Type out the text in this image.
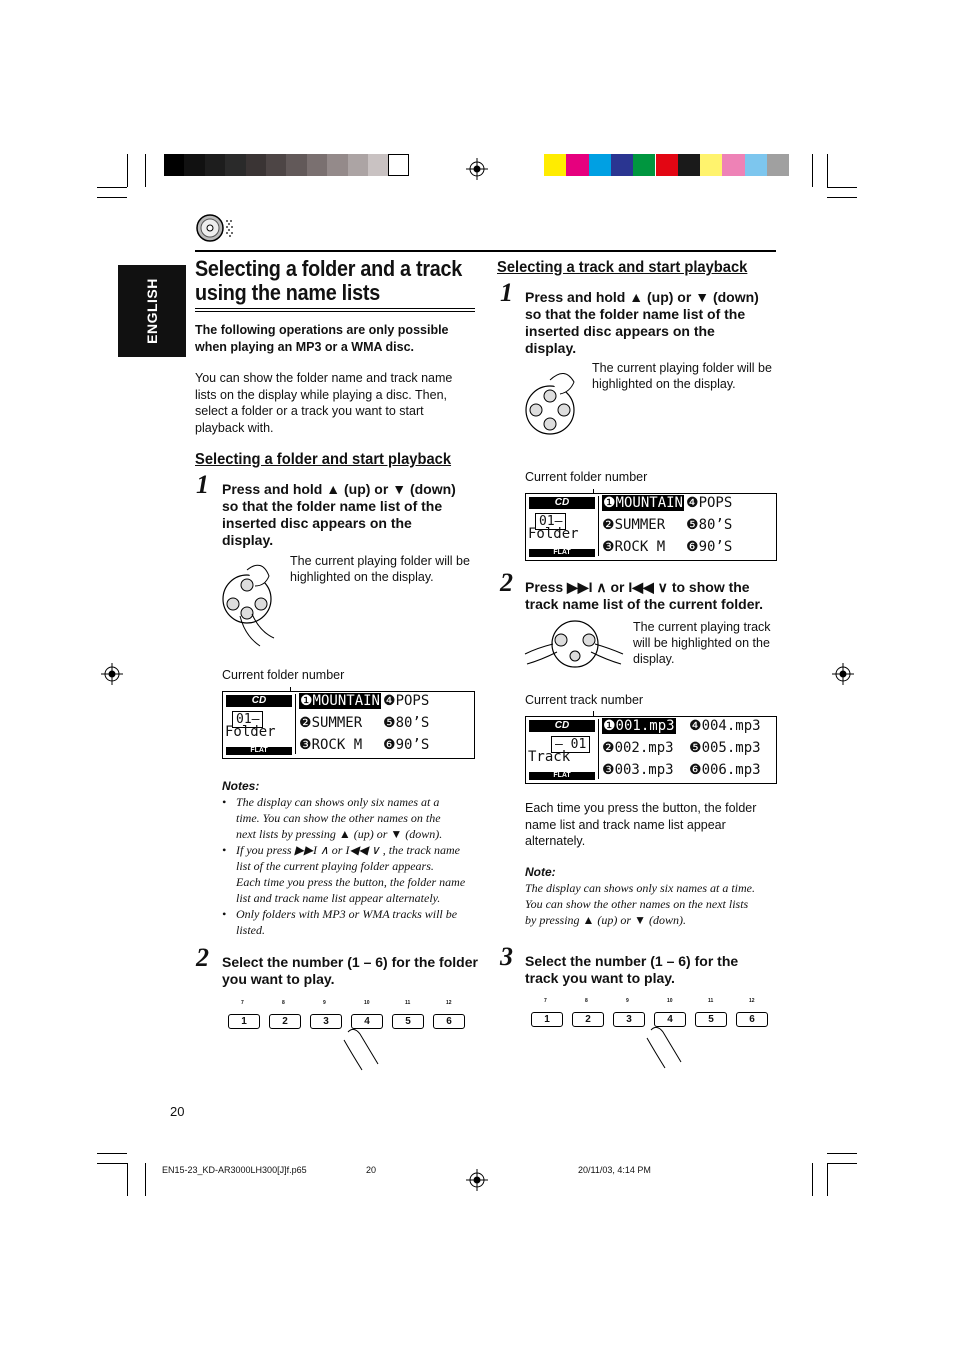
ENGLISH
Selecting a folder and a track
using the name lists
The following operations are only possible
when playing an MP3 or a WMA disc.
You can show the folder name and track name
lists on the display while playing a disc. Then,
select a folder or a track you want to start
playback with.
Selecting a folder and start playback
1 Press and hold ▲ (up) or ▼ (down)
so that the folder name list of the
inserted disc appears on the
display.
The current playing folder will be
highlighted on the display.
Current folder number
CD
01–
Folder
FLAT
❶MOUNTAIN ❹POPS
❷SUMMER ❺80’S
❸ROCK M ❻90’S
Notes:
• The display can shows only six names at a
time. You can show the other names on the
next lists by pressing ▲ (up) or ▼ (down).
• If you press ▶▶I ∧ or I◀◀ ∨ , the track name
list of the current playing folder appears.
Each time you press the button, the folder name
list and track name list appear alternately.
• Only folders with MP3 or WMA tracks will be
listed.
2 Select the number (1 – 6) for the folder
you want to play.
7
1
8
2
9
3
10
4
11
5
12
6
Selecting a track and start playback
1 Press and hold ▲ (up) or ▼ (down)
so that the folder name list of the
inserted disc appears on the
display.
The current playing folder will be
highlighted on the display.
Current folder number
CD
01–
Folder
FLAT
❶MOUNTAIN ❹POPS
❷SUMMER ❺80’S
❸ROCK M ❻90’S
2 Press ▶▶I ∧ or I◀◀ ∨ to show the
track name list of the current folder.
The current playing track
will be highlighted on the
display.
Current track number
CD
– 01
Track
FLAT
❶001.mp3 ❹004.mp3
❷002.mp3 ❺005.mp3
❸003.mp3 ❻006.mp3
Each time you press the button, the folder
name list and track name list appear
alternately.
Note:
The display can shows only six names at a time.
You can show the other names on the next lists
by pressing ▲ (up) or ▼ (down).
3 Select the number (1 – 6) for the
track you want to play.
7
1
8
2
9
3
10
4
11
5
12
6
20
EN15-23_KD-AR3000LH300[J]f.p65	20	20/11/03, 4:14 PM
